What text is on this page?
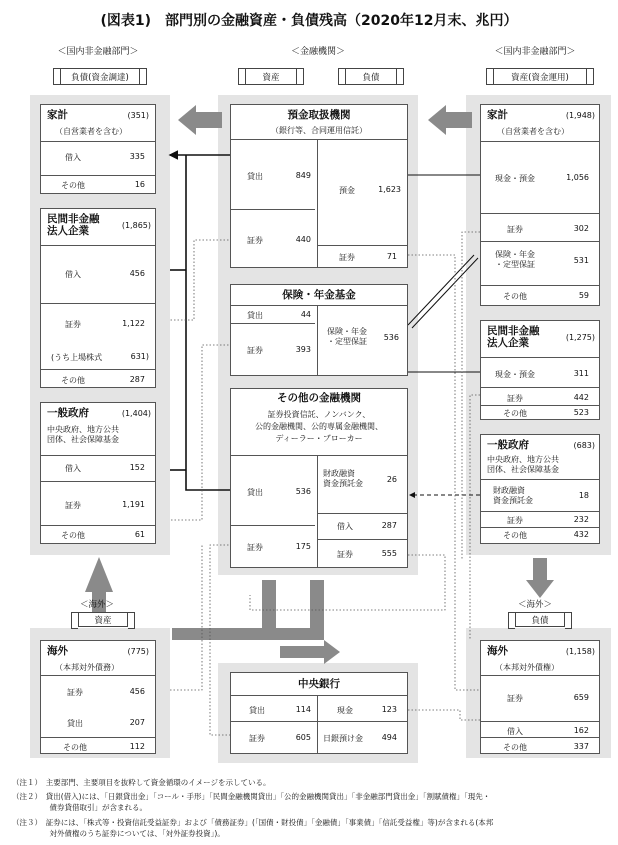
(図表1)　部門別の金融資産・負債残高（2020年12月末、兆円）
＜国内非金融部門＞	＜金融機関＞	＜国内非金融部門＞
負債(資金調達)	資産	負債	資産(資金運用)
家計	(351)
（自営業者を含む）
借入	335
その他	16
民間非金融
法人企業	(1,865)
借入	456
証券	1,122
(うち上場株式	631)
その他	287
一般政府	(1,404)
中央政府、地方公共
団体、社会保障基金
借入	152
証券	1,191
その他	61
預金取扱機関
（銀行等、合同運用信託）
貸出	849
証券	440
預金	1,623
証券	71
保険・年金基金
貸出	44
証券	393
保険・年金
・定型保証 536
その他の金融機関
証券投資信託、ノンバンク、
公的金融機関、公的専属金融機関、
ディーラー・ブローカー
貸出	536
証券	175
財政融資
資金預託金	26
借入	287
証券	555
中央銀行
貸出	114
証券	605
現金	123
日銀預け金 494
家計	(1,948)
（自営業者を含む）
現金・預金	1,056
証券	302
保険・年金
・定型保証	531
その他	59
民間非金融
法人企業	(1,275)
現金・預金	311
証券	442
その他	523
一般政府	(683)
中央政府、地方公共
団体、社会保障基金
財政融資
資金預託金
18
証券	232
その他	432
＜海外＞
資産
＜海外＞
負債
海外	(775)
（本邦対外債務）
証券	456
貸出	207
その他	112
海外	(1,158)
（本邦対外債権）
証券	659
借入	162
その他	337
（注１）　主要部門、主要項目を抜粋して資金循環のイメージを示している。
（注２）　貸出(借入)には、「日銀貸出金」「コール・手形」「民間金融機関貸出」「公的金融機関貸出」「非金融部門貸出金」「割賦債権」「現先・
　　　　　債券貸借取引」が含まれる。
（注３）　証券には、「株式等・投資信託受益証券」および「債務証券」(「国債・財投債」「金融債」「事業債」「信託受益権」等)が含まれる(本邦
　　　　　対外債権のうち証券については、「対外証券投資」)。
